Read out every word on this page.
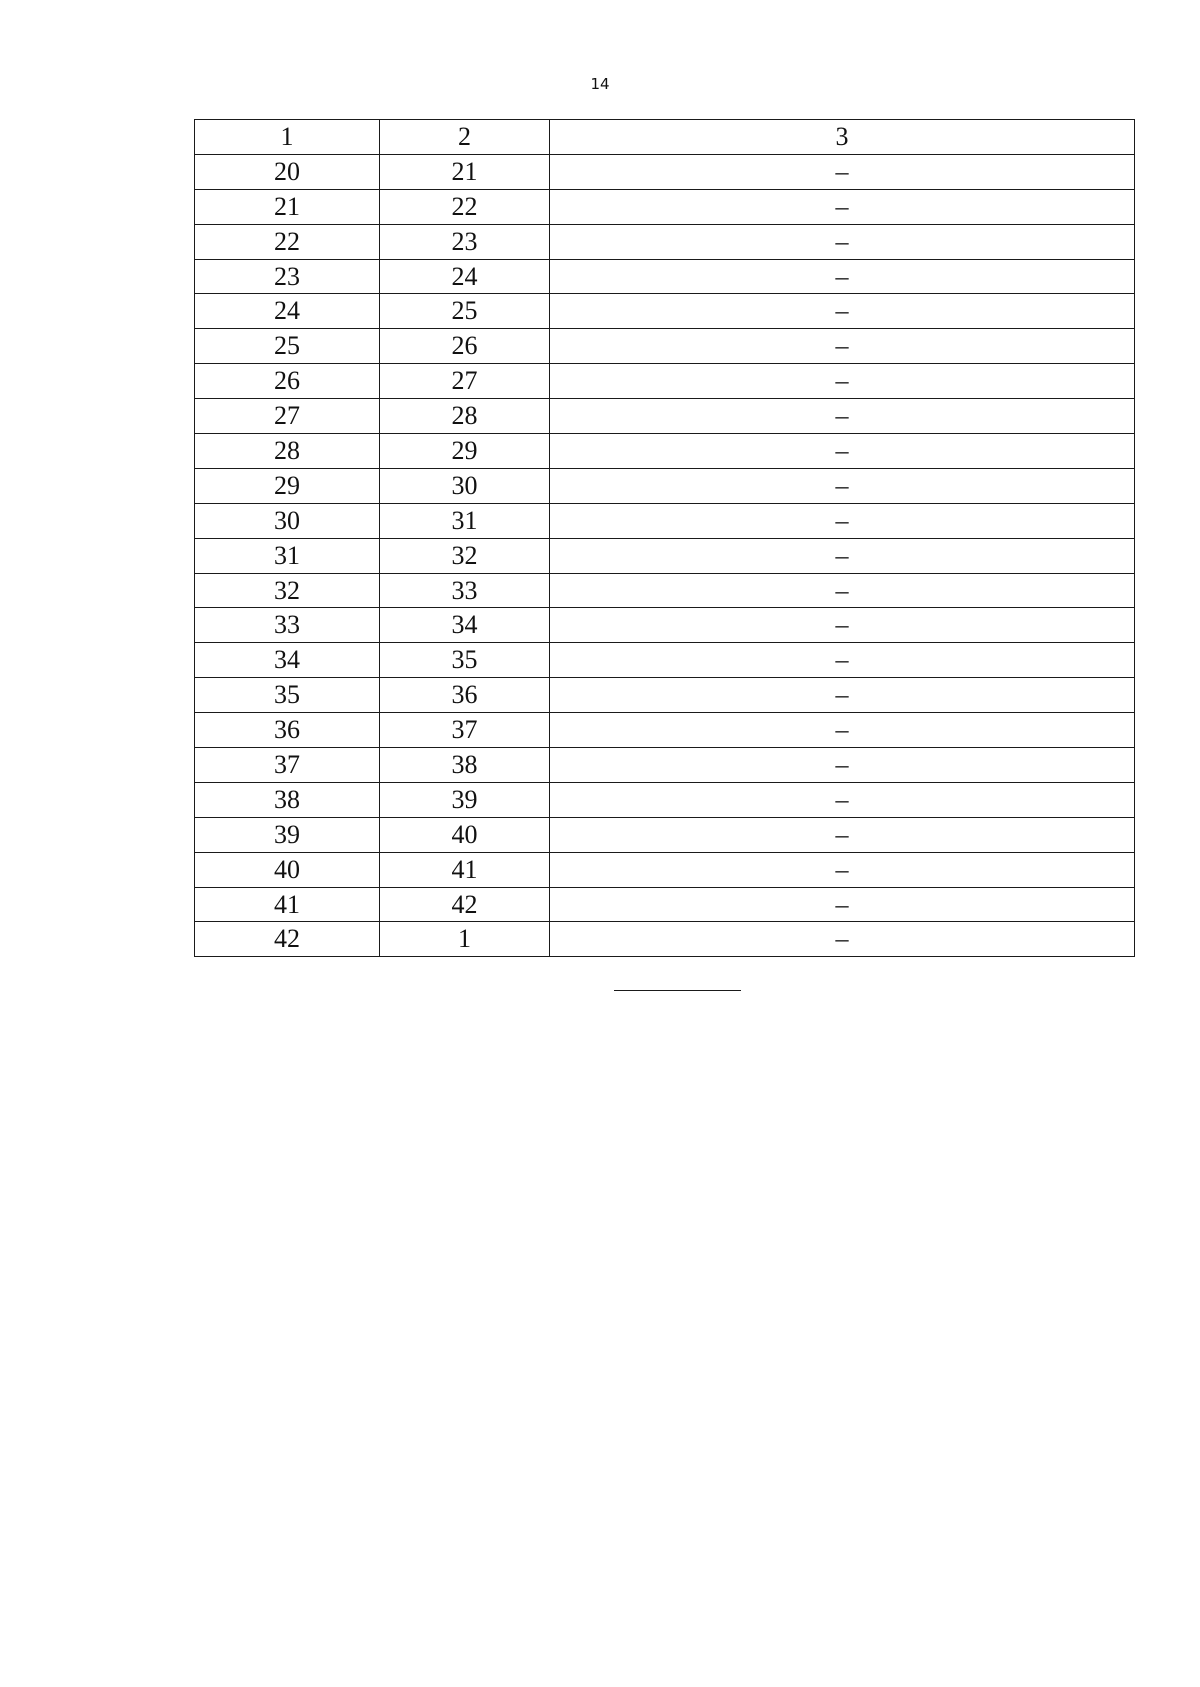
14
1	2	3
20	21	–
21	22	–
22	23	–
23	24	–
24	25	–
25	26	–
26	27	–
27	28	–
28	29	–
29	30	–
30	31	–
31	32	–
32	33	–
33	34	–
34	35	–
35	36	–
36	37	–
37	38	–
38	39	–
39	40	–
40	41	–
41	42	–
42	1	–
